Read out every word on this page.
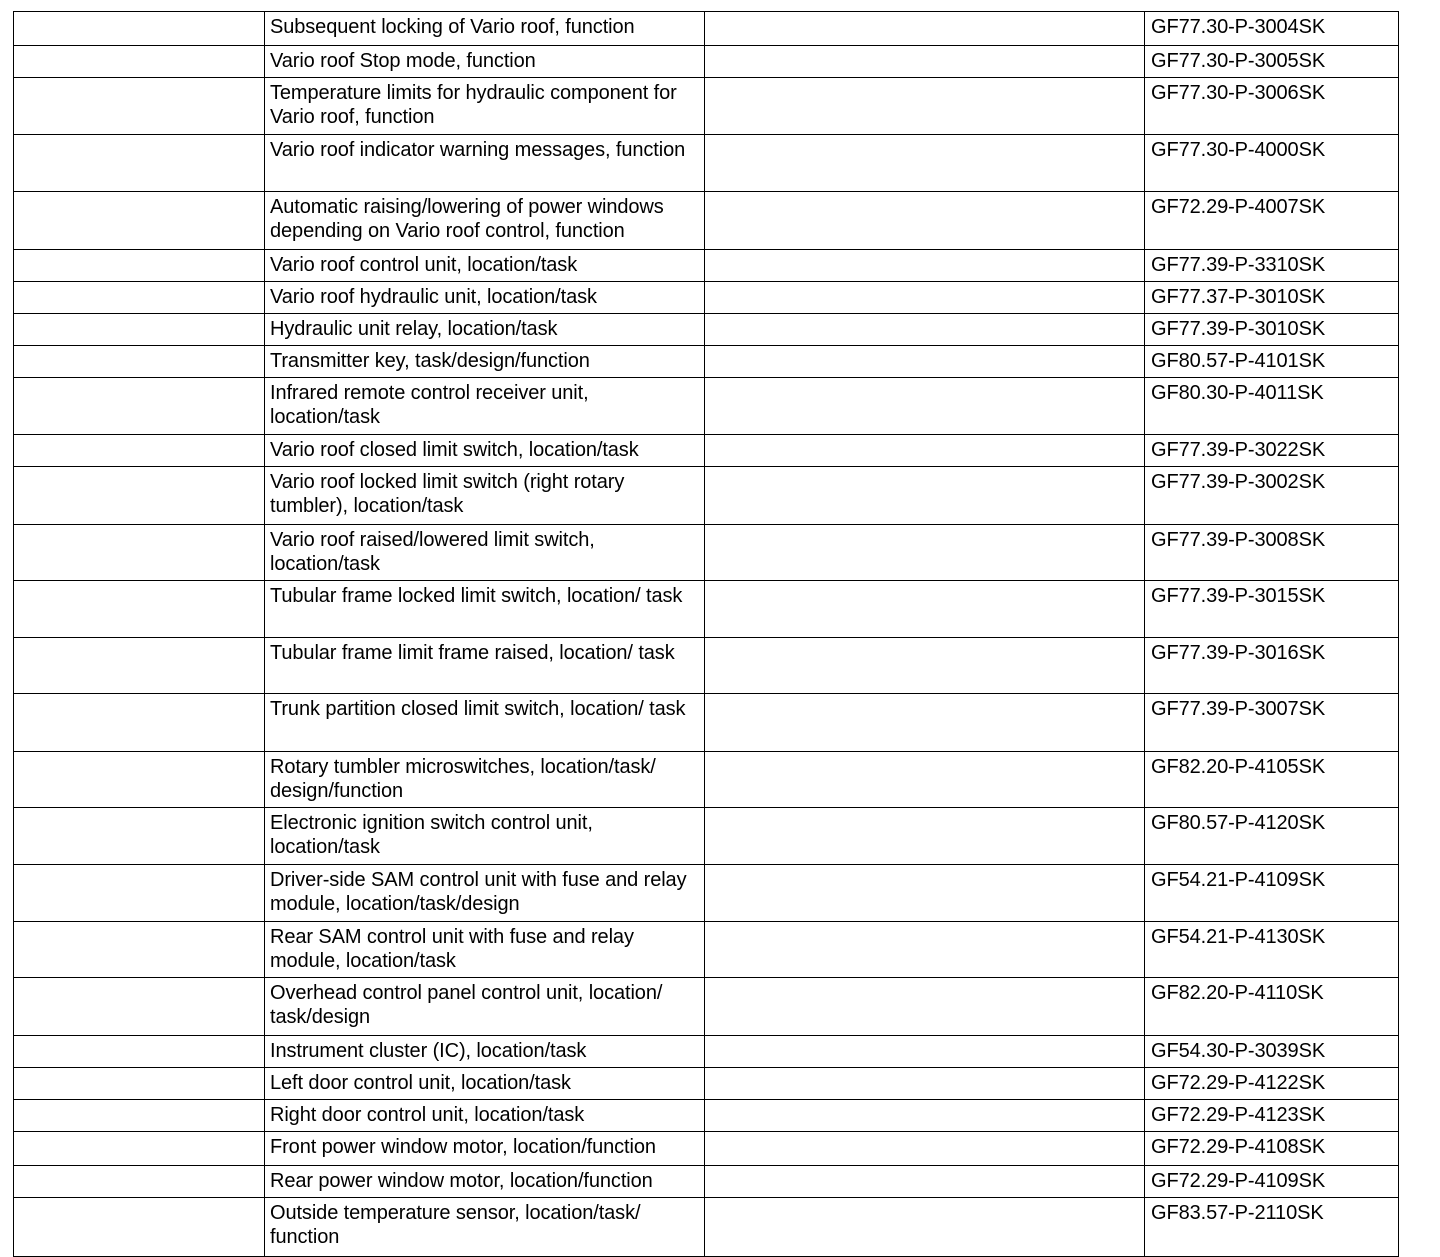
	Subsequent locking of Vario roof, function		GF77.30-P-3004SK
	Vario roof Stop mode, function		GF77.30-P-3005SK
	Temperature limits for hydraulic component for Vario roof, function		GF77.30-P-3006SK
	Vario roof indicator warning messages, function		GF77.30-P-4000SK
	Automatic raising/lowering of power windows depending on Vario roof control, function		GF72.29-P-4007SK
	Vario roof control unit, location/task		GF77.39-P-3310SK
	Vario roof hydraulic unit, location/task		GF77.37-P-3010SK
	Hydraulic unit relay, location/task		GF77.39-P-3010SK
	Transmitter key, task/design/function		GF80.57-P-4101SK
	Infrared remote control receiver unit, location/task		GF80.30-P-4011SK
	Vario roof closed limit switch, location/task		GF77.39-P-3022SK
	Vario roof locked limit switch (right rotary tumbler), location/task		GF77.39-P-3002SK
	Vario roof raised/lowered limit switch, location/task		GF77.39-P-3008SK
	Tubular frame locked limit switch, location/ task		GF77.39-P-3015SK
	Tubular frame limit frame raised, location/ task		GF77.39-P-3016SK
	Trunk partition closed limit switch, location/ task		GF77.39-P-3007SK
	Rotary tumbler microswitches, location/task/ design/function		GF82.20-P-4105SK
	Electronic ignition switch control unit, location/task		GF80.57-P-4120SK
	Driver-side SAM control unit with fuse and relay module, location/task/design		GF54.21-P-4109SK
	Rear SAM control unit with fuse and relay module, location/task		GF54.21-P-4130SK
	Overhead control panel control unit, location/ task/design		GF82.20-P-4110SK
	Instrument cluster (IC), location/task		GF54.30-P-3039SK
	Left door control unit, location/task		GF72.29-P-4122SK
	Right door control unit, location/task		GF72.29-P-4123SK
	Front power window motor, location/function		GF72.29-P-4108SK
	Rear power window motor, location/function		GF72.29-P-4109SK
	Outside temperature sensor, location/task/ function		GF83.57-P-2110SK
